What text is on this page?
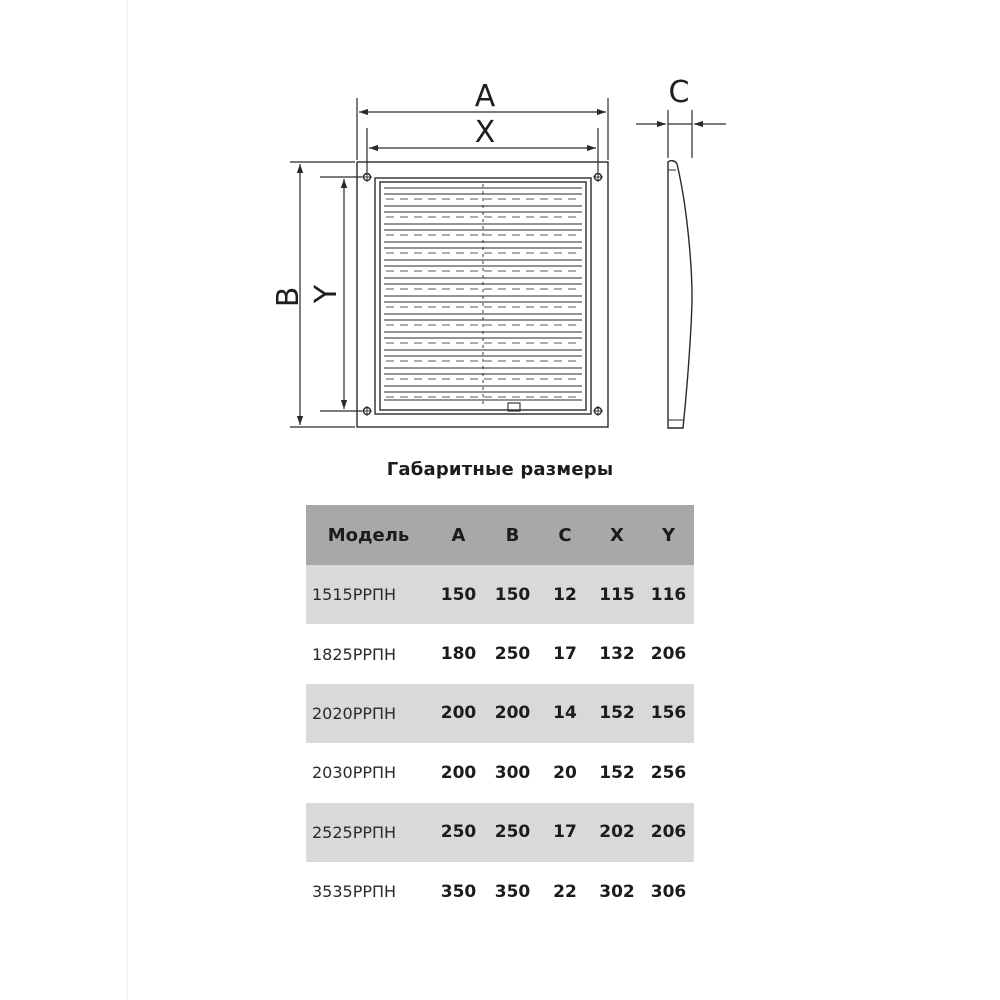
A
X
B Y
C
Габаритные размеры
Модель	A	B	C	X	Y
1515РРПН	150	150	12	115	116
1825РРПН	180	250	17	132	206
2020РРПН	200	200	14	152	156
2030РРПН	200	300	20	152	256
2525РРПН	250	250	17	202	206
3535РРПН	350	350	22	302	306
